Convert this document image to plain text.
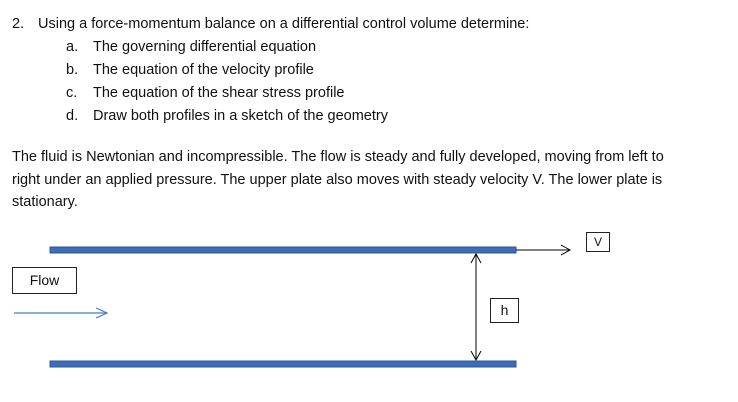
2. Using a force-momentum balance on a differential control volume determine:
a. The governing differential equation
b. The equation of the velocity profile
c. The equation of the shear stress profile
d. Draw both profiles in a sketch of the geometry
The fluid is Newtonian and incompressible. The flow is steady and fully developed, moving from left to
right under an applied pressure. The upper plate also moves with steady velocity V. The lower plate is
stationary.
Flow
h
V
